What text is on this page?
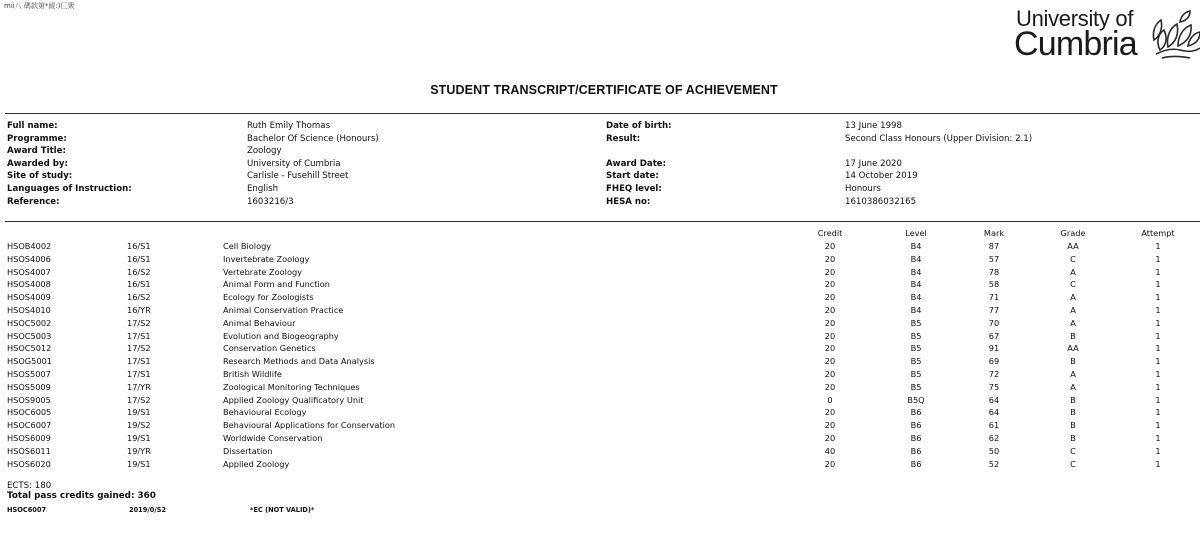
mii八 碼款第*緩:)匚衆	University of
Cumbria
STUDENT TRANSCRIPT/CERTIFICATE OF ACHIEVEMENT
Full name:	Ruth Emily Thomas	Date of birth:	13 June 1998
Programme:	Bachelor Of Science (Honours)	Result:	Second Class Honours (Upper Division: 2.1)
Award Title:	Zoology
Awarded by:	University of Cumbria	Award Date:	17 June 2020
Site of study:	Carlisle - Fusehill Street	Start date:	14 October 2019
Languages of Instruction:	English	FHEQ level:	Honours
Reference:	1603216/3	HESA no:	1610386032165
Credit	Level	Mark	Grade	Attempt
HSOB4002	16/S1	Cell Biology	20	B4	87	AA	1
HSOS4006	16/S1	Invertebrate Zoology	20	B4	57	C	1
HSOS4007	16/S2	Vertebrate Zoology	20	B4	78	A	1
HSOS4008	16/S1	Animal Form and Function	20	B4	58	C	1
HSOS4009	16/S2	Ecology for Zoologists	20	B4	71	A	1
HSOS4010	16/YR	Animal Conservation Practice	20	B4	77	A	1
HSOC5002	17/S2	Animal Behaviour	20	B5	70	A	1
HSOC5003	17/S1	Evolution and Biogeography	20	B5	67	B	1
HSOC5012	17/S2	Conservation Genetics	20	B5	91	AA	1
HSOG5001	17/S1	Research Methods and Data Analysis	20	B5	69	B	1
HSOS5007	17/S1	British Wildlife	20	B5	72	A	1
HSOS5009	17/YR	Zoological Monitoring Techniques	20	B5	75	A	1
HSOS9005	17/S2	Applied Zoology Qualificatory Unit	0	B5Q	64	B	1
HSOC6005	19/S1	Behavioural Ecology	20	B6	64	B	1
HSOC6007	19/S2	Behavioural Applications for Conservation	20	B6	61	B	1
HSOS6009	19/S1	Worldwide Conservation	20	B6	62	B	1
HSOS6011	19/YR	Dissertation	40	B6	50	C	1
HSOS6020	19/S1	Applied Zoology	20	B6	52	C	1
ECTS: 180
Total pass credits gained: 360
HSOC6007	2019/0/S2	*EC (NOT VALID)*
